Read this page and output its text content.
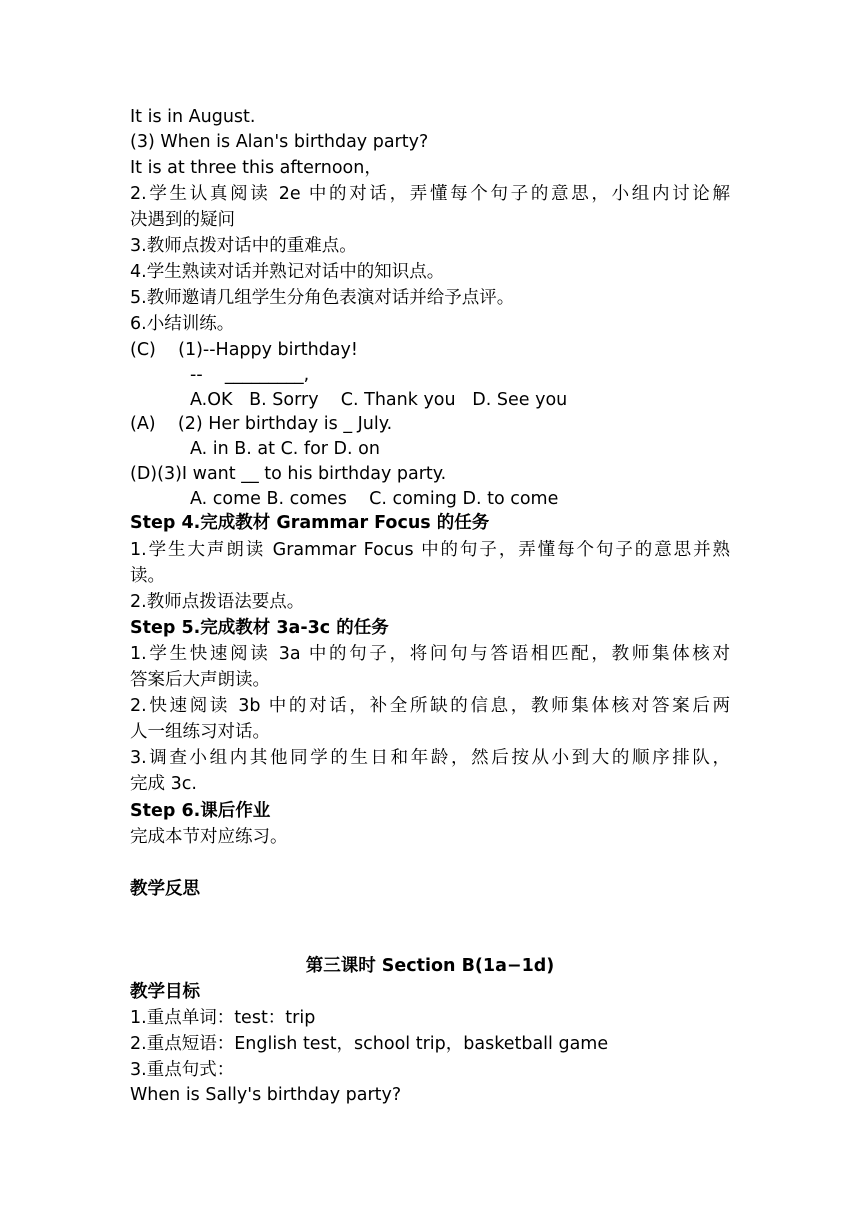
It is in August.
(3) When is Alan's birthday party?
It is at three this afternoon，
2.学生认真阅读 2e 中的对话，弄懂每个句子的意思，小组内讨论解
决遇到的疑问
3.教师点拨对话中的重难点。
4.学生熟读对话并熟记对话中的知识点。
5.教师邀请几组学生分角色表演对话并给予点评。
6.小结训练。
(C)    (1)--Happy birthday!
--    _________,
A.OK   B. Sorry    C. Thank you   D. See you
(A)    (2) Her birthday is _ July.
A. in B. at C. for D. on
(D)(3)I want __ to his birthday party.
A. come B. comes    C. coming D. to come
Step 4.完成教材 Grammar Focus 的任务
1.学生大声朗读 Grammar Focus 中的句子，弄懂每个句子的意思并熟
读。
2.教师点拨语法要点。
Step 5.完成教材 3a-3c 的任务
1.学生快速阅读 3a 中的句子，将问句与答语相匹配，教师集体核对
答案后大声朗读。
2.快速阅读 3b 中的对话，补全所缺的信息，教师集体核对答案后两
人一组练习对话。
3.调查小组内其他同学的生日和年龄，然后按从小到大的顺序排队，
完成 3c.
Step 6.课后作业
完成本节对应练习。
教学反思
第三课时 Section B(1a−1d)
教学目标
1.重点单词：test：trip
2.重点短语：English test，school trip，basketball game
3.重点句式：
When is Sally's birthday party?
